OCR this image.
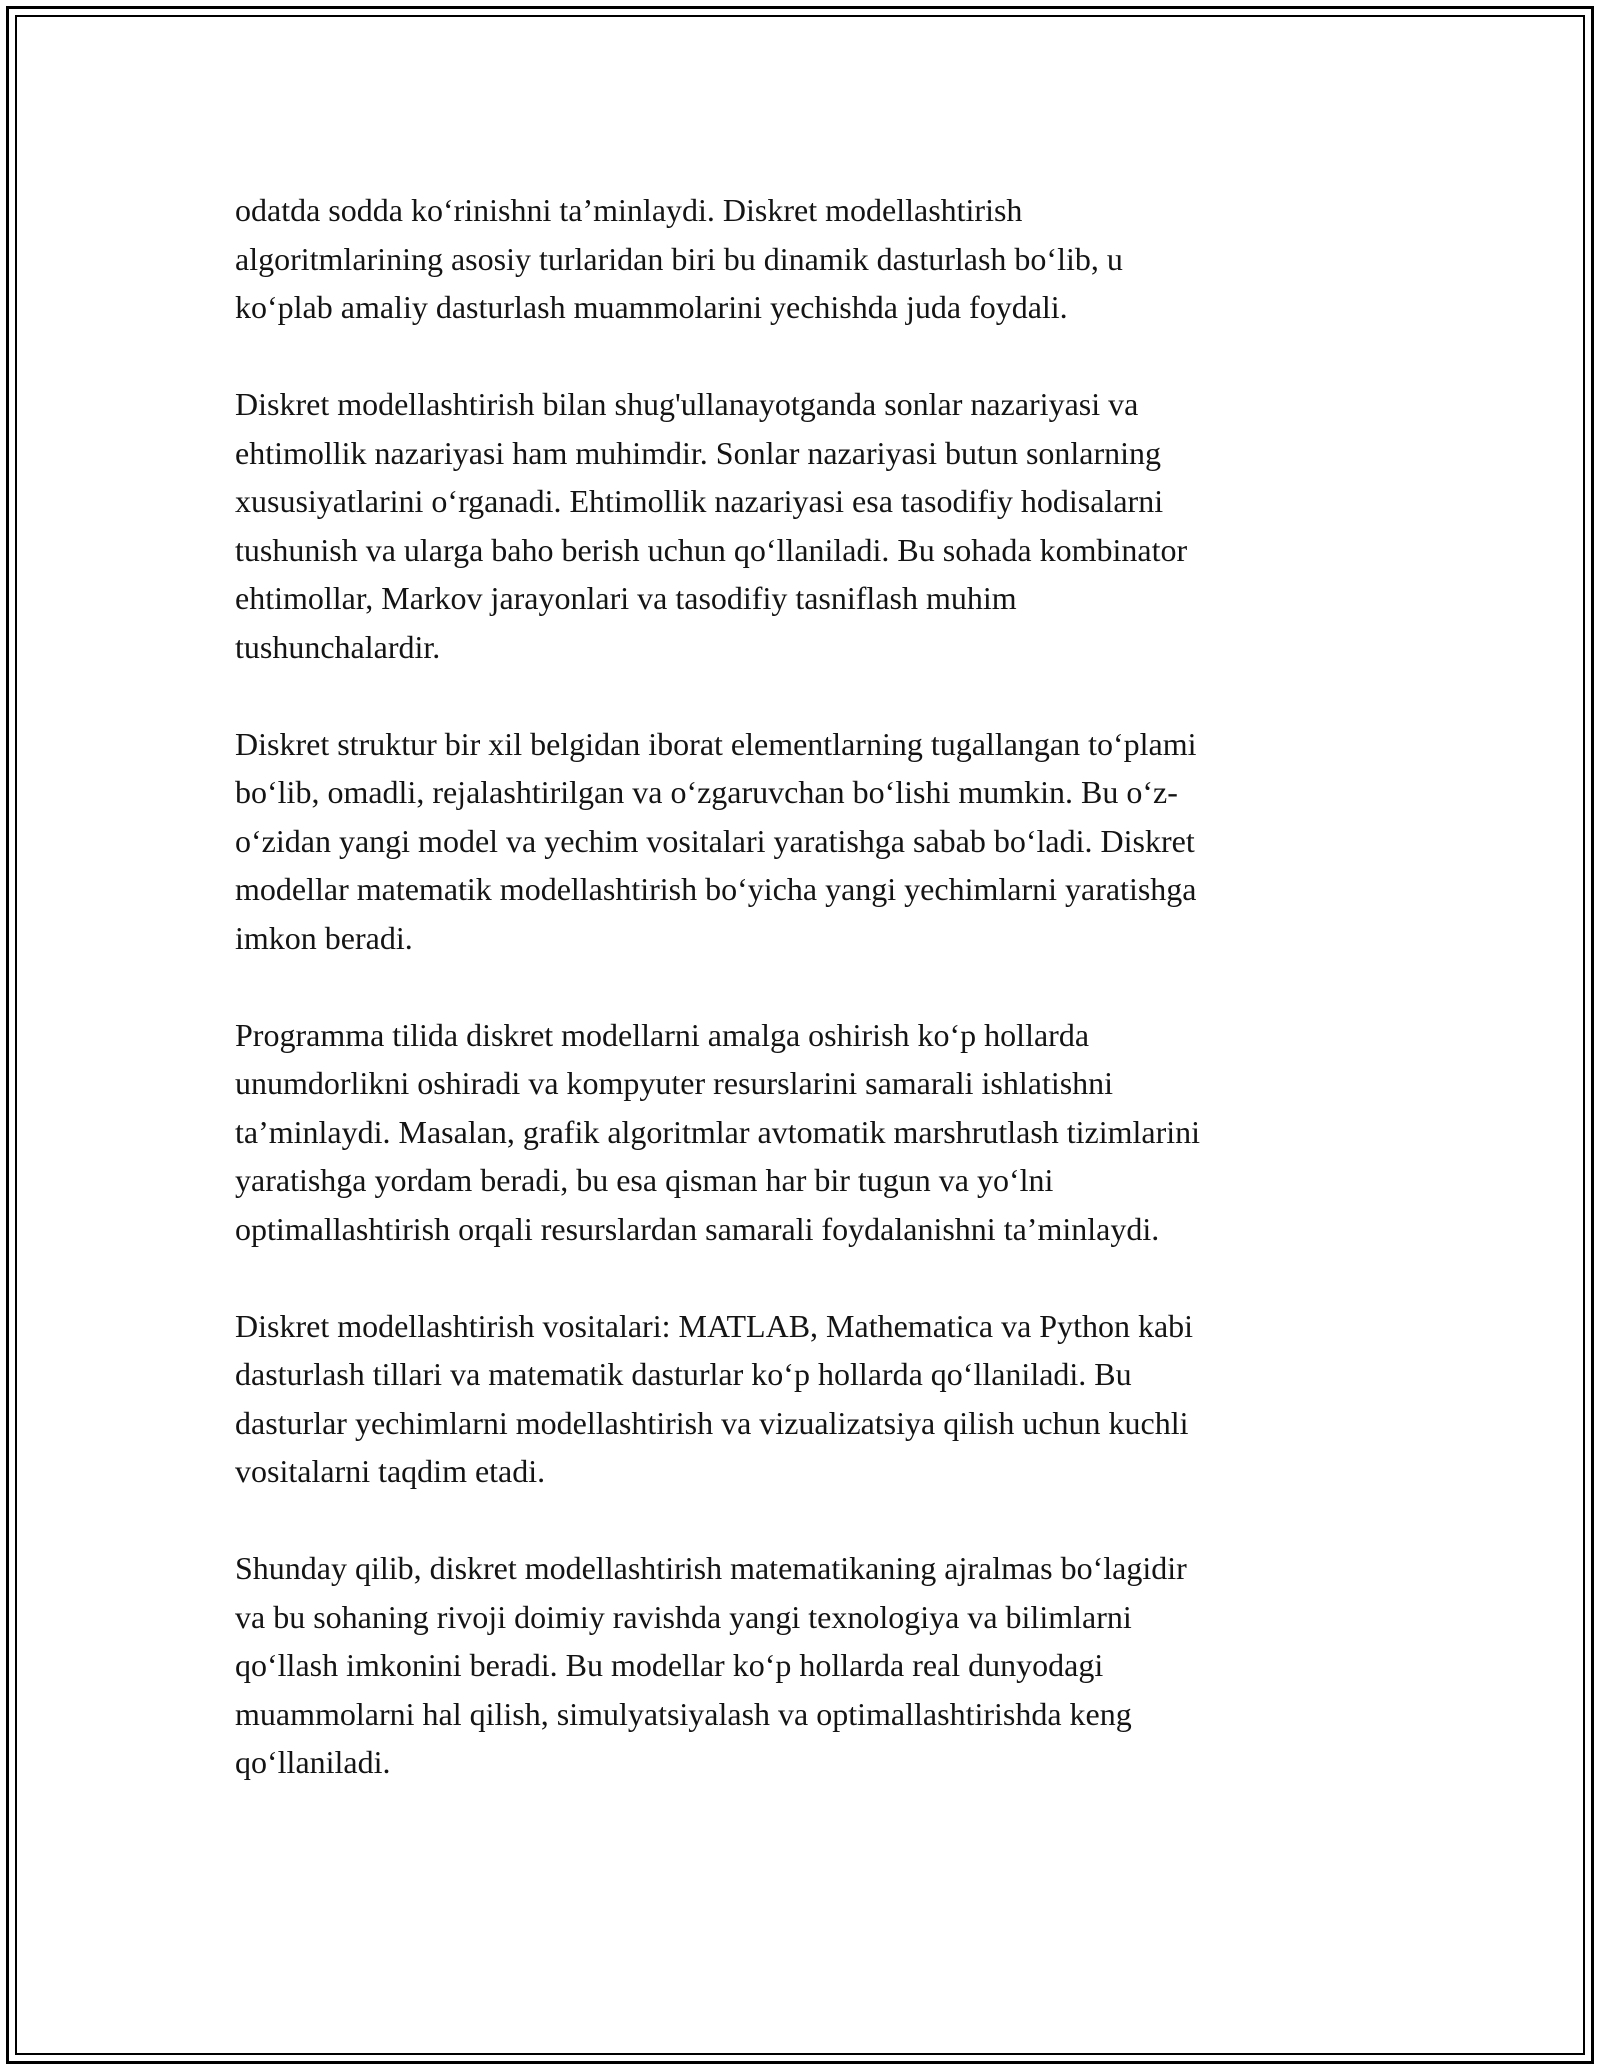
odatda sodda koʻrinishni ta’minlaydi. Diskret modellashtirish
algoritmlarining asosiy turlaridan biri bu dinamik dasturlash boʻlib, u
koʻplab amaliy dasturlash muammolarini yechishda juda foydali.

Diskret modellashtirish bilan shug'ullanayotganda sonlar nazariyasi va
ehtimollik nazariyasi ham muhimdir. Sonlar nazariyasi butun sonlarning
xususiyatlarini oʻrganadi. Ehtimollik nazariyasi esa tasodifiy hodisalarni
tushunish va ularga baho berish uchun qoʻllaniladi. Bu sohada kombinator
ehtimollar, Markov jarayonlari va tasodifiy tasniflash muhim
tushunchalardir.

Diskret struktur bir xil belgidan iborat elementlarning tugallangan toʻplami
boʻlib, omadli, rejalashtirilgan va oʻzgaruvchan boʻlishi mumkin. Bu oʻz-
oʻzidan yangi model va yechim vositalari yaratishga sabab boʻladi. Diskret
modellar matematik modellashtirish boʻyicha yangi yechimlarni yaratishga
imkon beradi.

Programma tilida diskret modellarni amalga oshirish koʻp hollarda
unumdorlikni oshiradi va kompyuter resurslarini samarali ishlatishni
ta’minlaydi. Masalan, grafik algoritmlar avtomatik marshrutlash tizimlarini
yaratishga yordam beradi, bu esa qisman har bir tugun va yoʻlni
optimallashtirish orqali resurslardan samarali foydalanishni ta’minlaydi.

Diskret modellashtirish vositalari: MATLAB, Mathematica va Python kabi
dasturlash tillari va matematik dasturlar koʻp hollarda qoʻllaniladi. Bu
dasturlar yechimlarni modellashtirish va vizualizatsiya qilish uchun kuchli
vositalarni taqdim etadi.

Shunday qilib, diskret modellashtirish matematikaning ajralmas boʻlagidir
va bu sohaning rivoji doimiy ravishda yangi texnologiya va bilimlarni
qoʻllash imkonini beradi. Bu modellar koʻp hollarda real dunyodagi
muammolarni hal qilish, simulyatsiyalash va optimallashtirishda keng
qoʻllaniladi.
